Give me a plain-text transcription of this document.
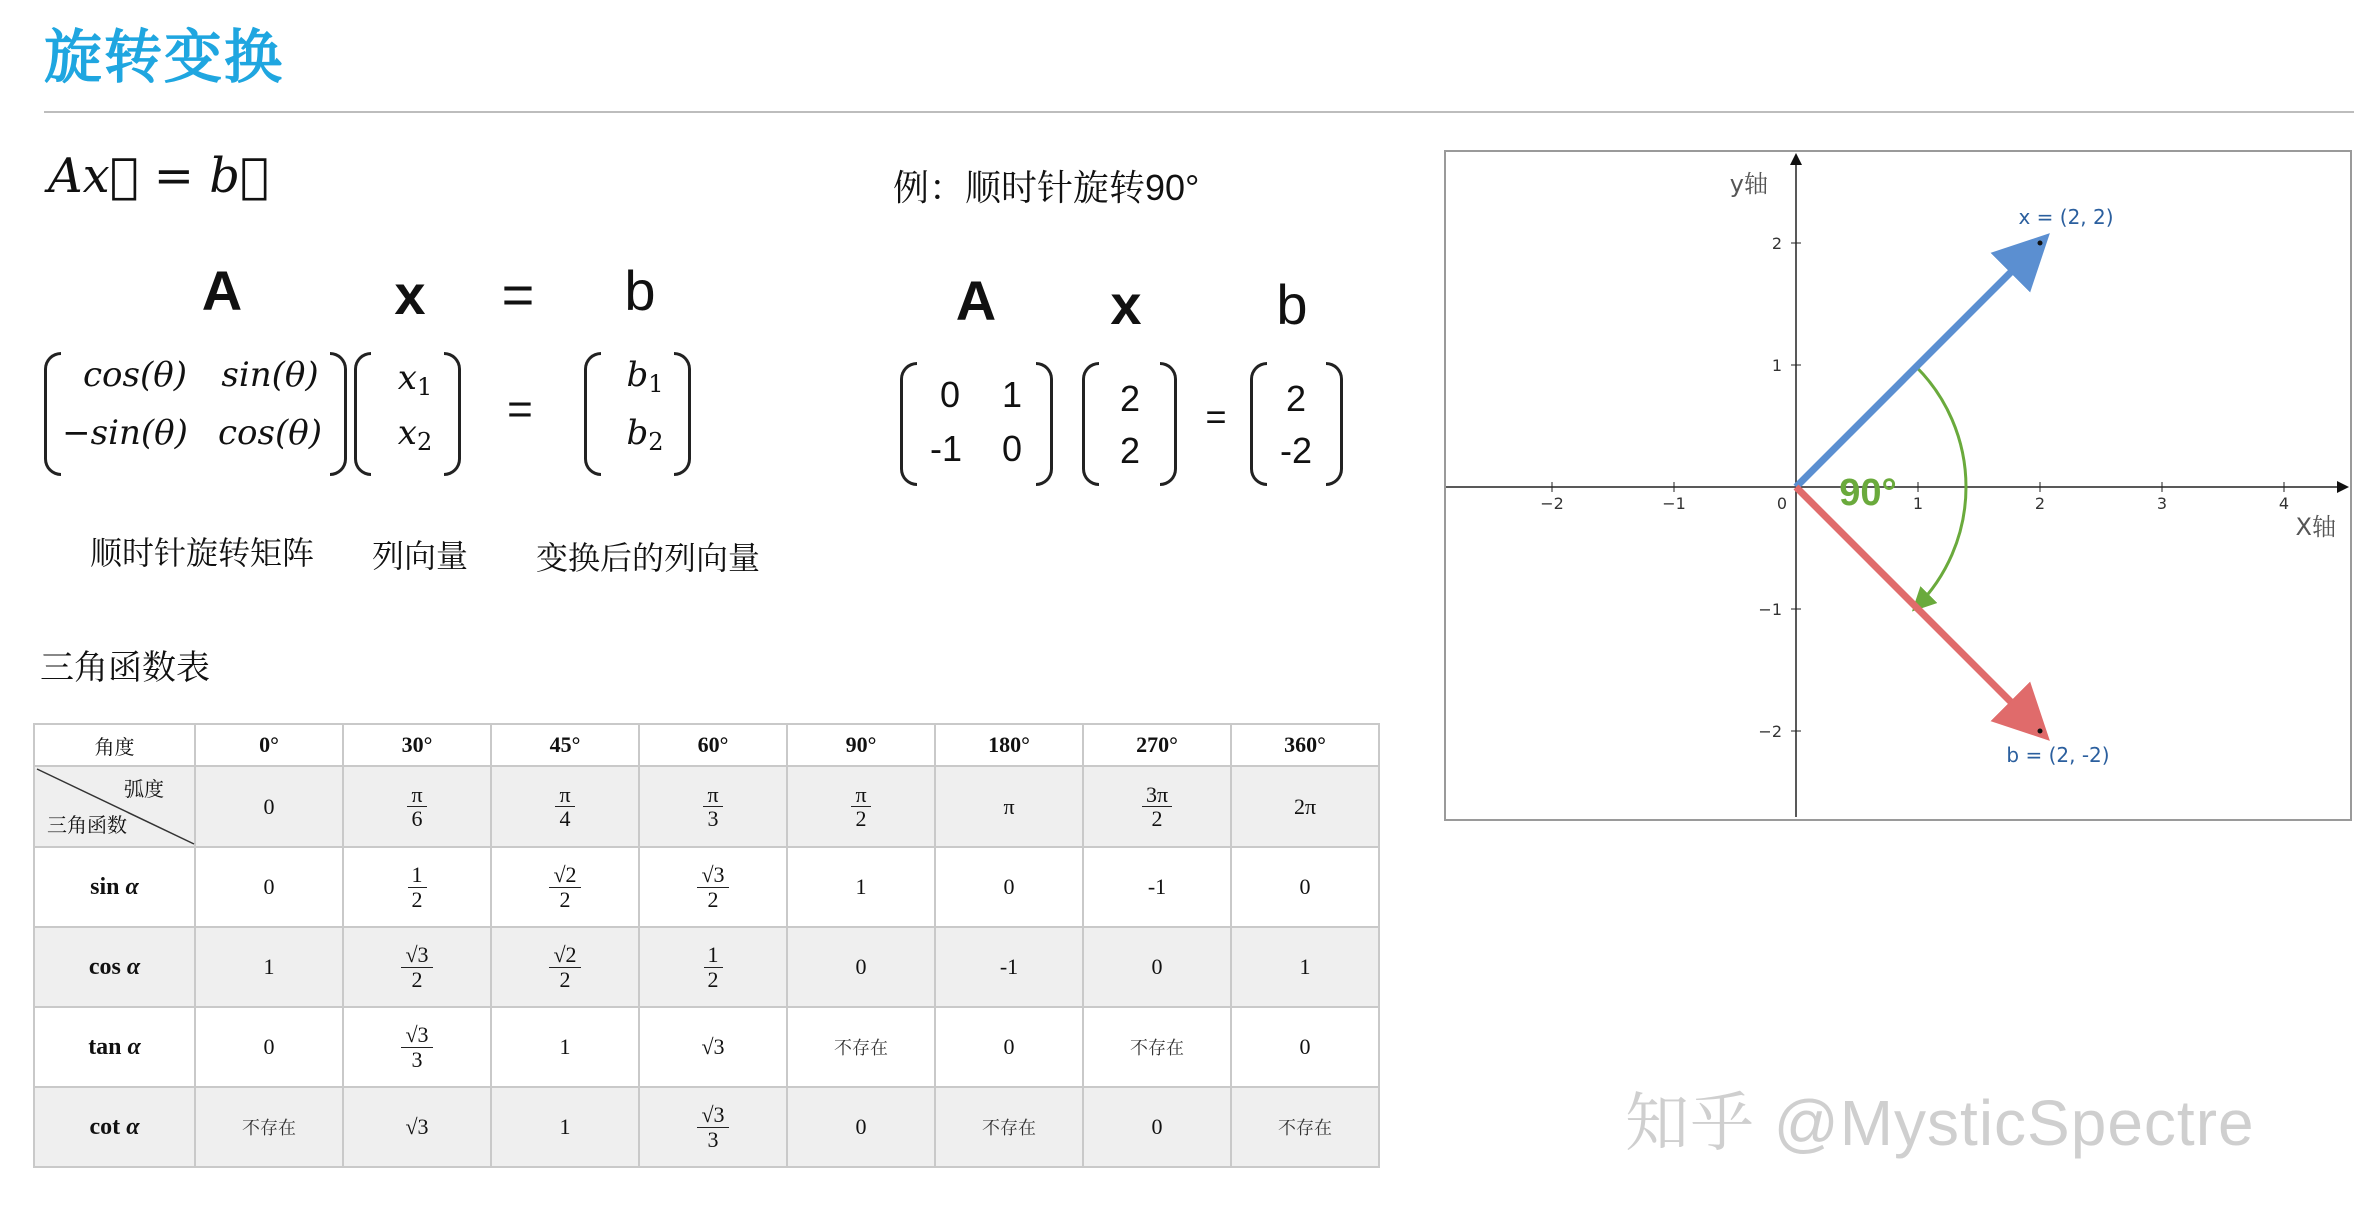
旋转变换
Ax⃗ = b⃗
A	x	=	b
cos(θ) sin(θ)
−sin(θ) cos(θ)
$x_1$
$x_2$
=
$b_1$
$b_2$
顺时针旋转矩阵 列向量 变换后的列向量
例：顺时针旋转90°
A	x	b
0	1
-1	0
2
2
=	2
-2
三角函数表
角度	0°	30°	45°	60°	90°	180°	270°	360°

弧度
三角函数	0	$\frac{\pi}{6}$	$\frac{\pi}{4}$	$\frac{\pi}{3}$	$\frac{\pi}{2}$	π	$\frac{3\pi}{2}$	2π
sin α	0	$\frac{1}{2}$	$\frac{√2}{2}$	$\frac{√3}{2}$	1	0	-1	0
cos α	1	$\frac{√3}{2}$	$\frac{√2}{2}$	$\frac{1}{2}$	0	-1	0	1
tan α	0	$\frac{√3}{3}$	1	√3	不存在	0	不存在	0
cot α	不存在	√3	1	$\frac{√3}{3}$	0	不存在	0	不存在
−2	−1	0	1	2	3	4
2
1
−1
−2
X轴
y轴
90°
x = (2, 2)
b = (2, -2)
知乎 @MysticSpectre
